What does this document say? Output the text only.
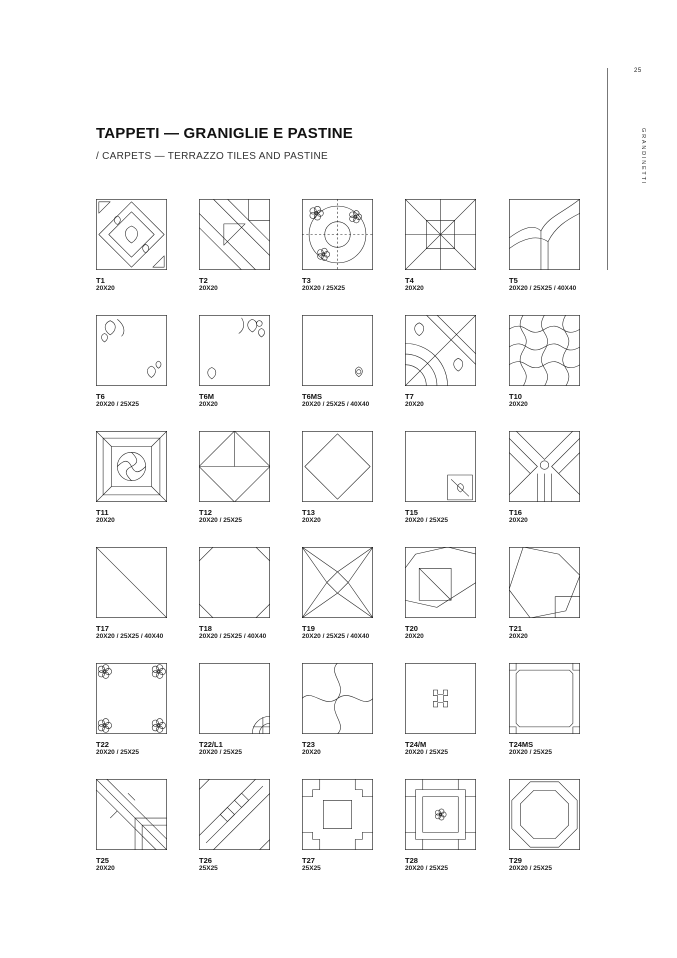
25
GRANDINETTI
TAPPETI — GRANIGLIE E PASTINE

/ CARPETS — TERRAZZO TILES AND PASTINE

T1
20X20
T2
20X20
T3
20X20 / 25X25
T4
20X20
T5
20X20 / 25X25 / 40X40
T6
20X20 / 25X25
T6M
20X20
T6MS
20X20 / 25X25 / 40X40
T7
20X20
T10
20X20
T11
20X20
T12
20X20 / 25X25
T13
20X20
T15
20X20 / 25X25
T16
20X20
T17
20X20 / 25X25 / 40X40
T18
20X20 / 25X25 / 40X40
T19
20X20 / 25X25 / 40X40
T20
20X20
T21
20X20
T22
20X20 / 25X25
T22/L1
20X20 / 25X25
T23
20X20
T24/M
20X20 / 25X25
T24MS
20X20 / 25X25
T25
20X20
T26
25X25
T27
25X25
T28
20X20 / 25X25
T29
20X20 / 25X25
